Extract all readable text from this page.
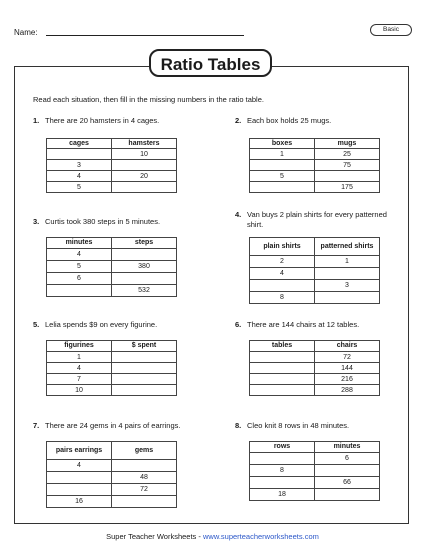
Name:	Basic
Ratio Tables
Read each situation, then fill in the missing numbers in the ratio table.
1. There are 20 hamsters in 4 cages.
cages	hamsters
	10
3	
4	20
5	
2. Each box holds 25 mugs.
boxes	mugs
1	25
	75
5	
	175
3. Curtis took 380 steps in 5 minutes.
minutes	steps
4	
5	380
6	
	532
4. Van buys 2 plain shirts for every patterned shirt.
plain shirts	patterned shirts
2	1
4	
	3
8	
5. Lelia spends $9 on every figurine.
figurines	$ spent
1	
4	
7	
10	
6. There are 144 chairs at 12 tables.
tables	chairs
	72
	144
	216
	288
7. There are 24 gems in 4 pairs of earrings.
pairs earrings	gems
4	
	48
	72
16	
8. Cleo knit 8 rows in 48 minutes.
rows	minutes
	6
8	
	66
18	
Super Teacher Worksheets - www.superteacherworksheets.com
